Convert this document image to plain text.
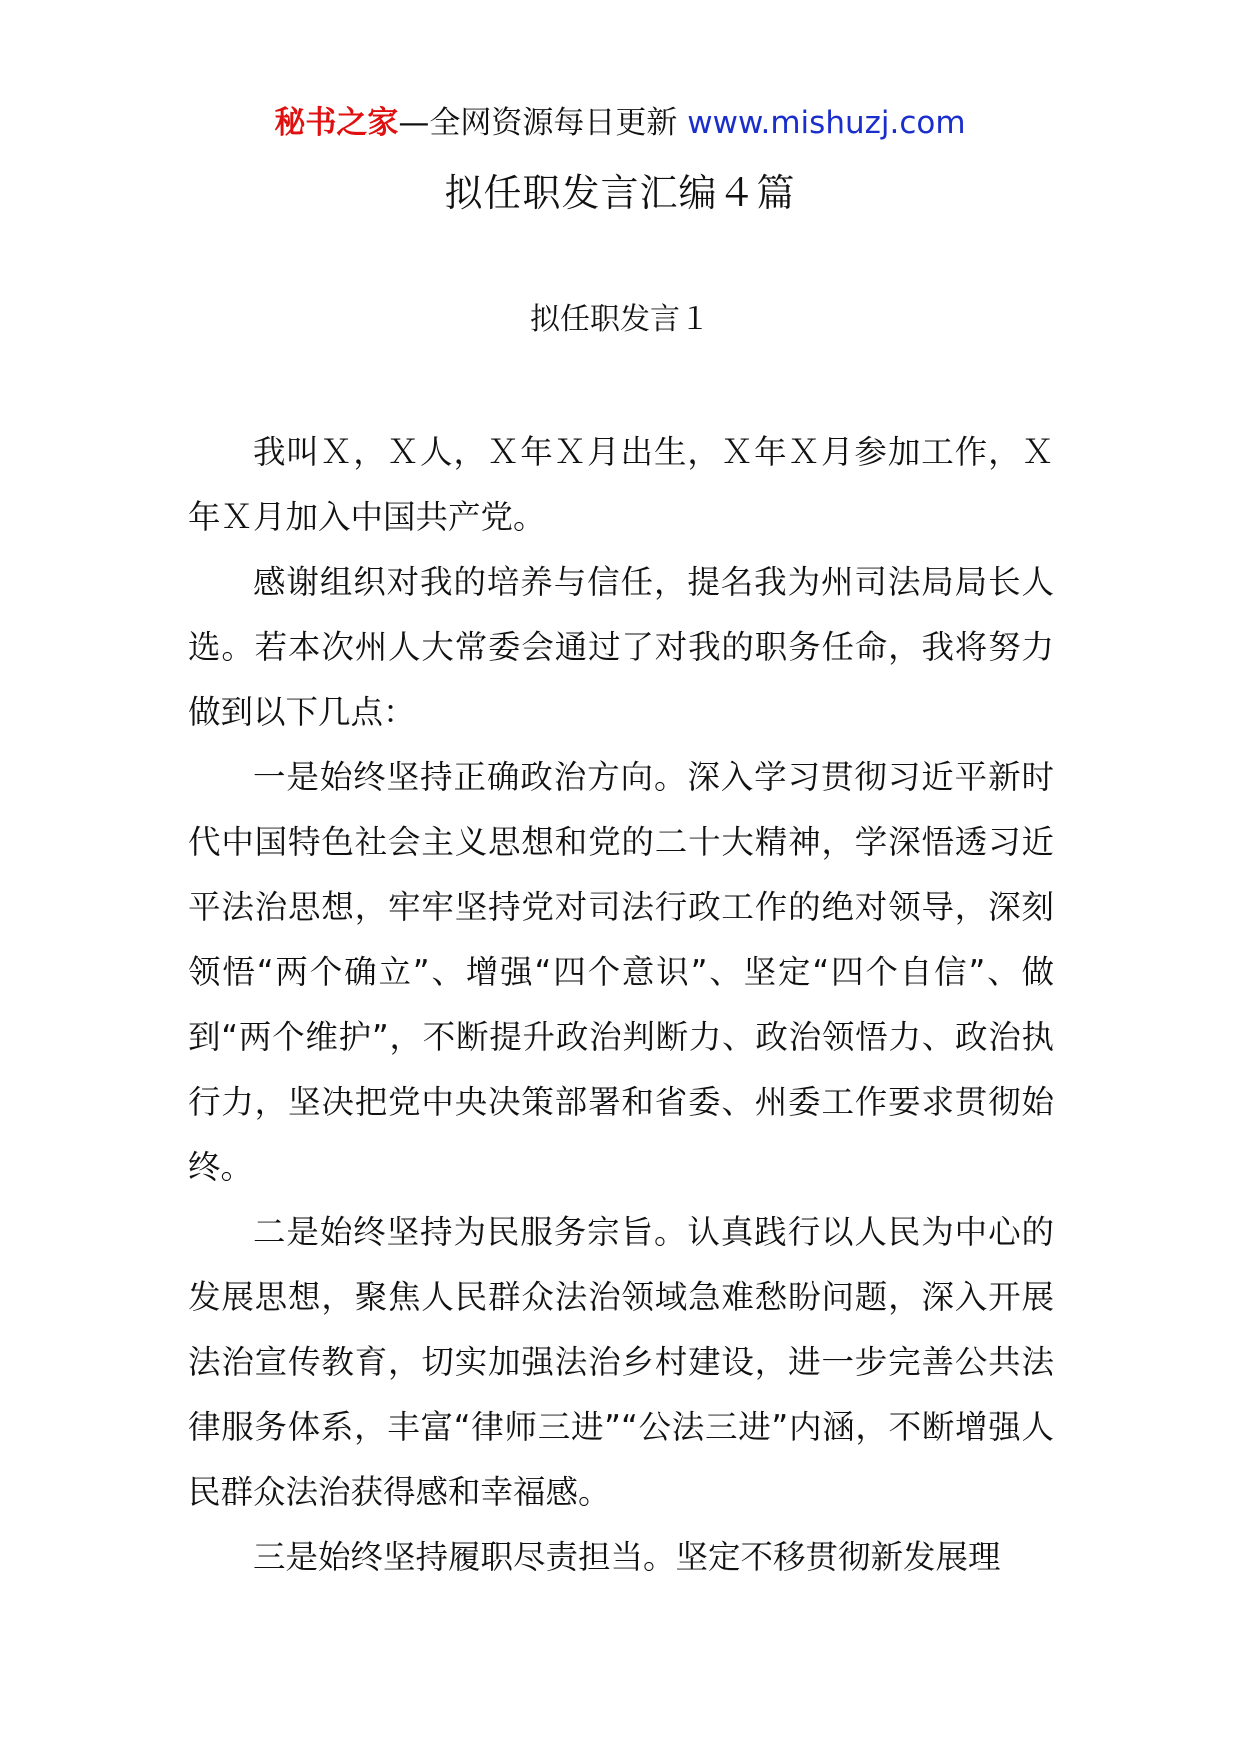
秘书之家—全网资源每日更新 www.mishuzj.com
拟任职发言汇编４篇
拟任职发言１

我叫Ｘ，Ｘ人，Ｘ年Ｘ月出生，Ｘ年Ｘ月参加工作，Ｘ年Ｘ月加入中国共产党。

感谢组织对我的培养与信任，提名我为州司法局局长人选。若本次州人大常委会通过了对我的职务任命，我将努力做到以下几点：

一是始终坚持正确政治方向。深入学习贯彻习近平新时代中国特色社会主义思想和党的二十大精神，学深悟透习近平法治思想，牢牢坚持党对司法行政工作的绝对领导，深刻领悟“两个确立”、增强“四个意识”、坚定“四个自信”、做到“两个维护”，不断提升政治判断力、政治领悟力、政治执行力，坚决把党中央决策部署和省委、州委工作要求贯彻始终。

二是始终坚持为民服务宗旨。认真践行以人民为中心的发展思想，聚焦人民群众法治领域急难愁盼问题，深入开展法治宣传教育，切实加强法治乡村建设，进一步完善公共法律服务体系，丰富“律师三进”“公法三进”内涵，不断增强人民群众法治获得感和幸福感。

三是始终坚持履职尽责担当。坚定不移贯彻新发展理
